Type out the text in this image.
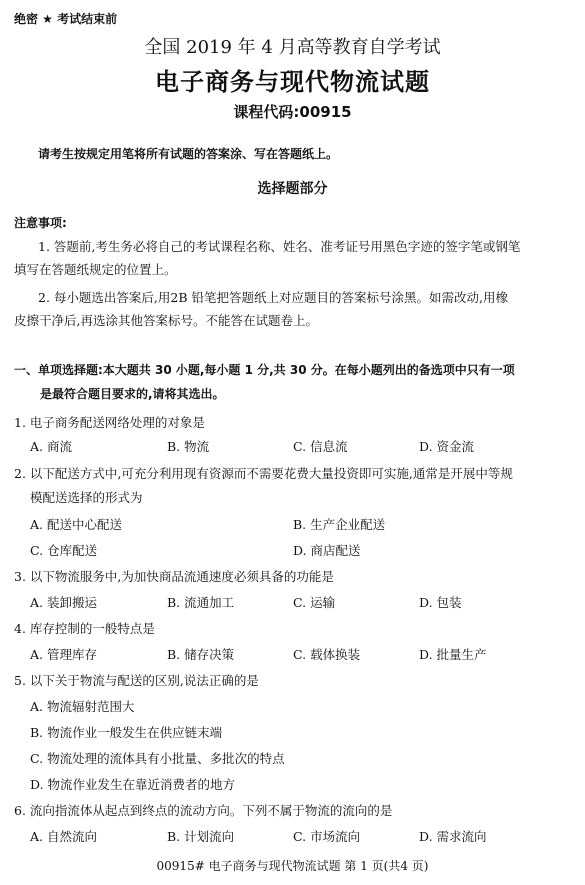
绝密 ★ 考试结束前
全国 2019 年 4 月高等教育自学考试
电子商务与现代物流试题
课程代码:00915
请考生按规定用笔将所有试题的答案涂、写在答题纸上。
选择题部分
注意事项:
1. 答题前,考生务必将自己的考试课程名称、姓名、准考证号用黑色字迹的签字笔或钢笔
填写在答题纸规定的位置上。
2. 每小题选出答案后,用2B 铅笔把答题纸上对应题目的答案标号涂黑。如需改动,用橡
皮擦干净后,再选涂其他答案标号。不能答在试题卷上。
一、单项选择题:本大题共 30 小题,每小题 1 分,共 30 分。在每小题列出的备选项中只有一项
是最符合题目要求的,请将其选出。
1. 电子商务配送网络处理的对象是
A. 商流	B. 物流	C. 信息流	D. 资金流
2. 以下配送方式中,可充分利用现有资源而不需要花费大量投资即可实施,通常是开展中等规
模配送选择的形式为
A. 配送中心配送	B. 生产企业配送
C. 仓库配送	D. 商店配送
3. 以下物流服务中,为加快商品流通速度必须具备的功能是
A. 装卸搬运	B. 流通加工	C. 运输	D. 包装
4. 库存控制的一般特点是
A. 管理库存	B. 储存决策	C. 载体换装	D. 批量生产
5. 以下关于物流与配送的区别,说法正确的是
A. 物流辐射范围大
B. 物流作业一般发生在供应链末端
C. 物流处理的流体具有小批量、多批次的特点
D. 物流作业发生在靠近消费者的地方
6. 流向指流体从起点到终点的流动方向。下列不属于物流的流向的是
A. 自然流向	B. 计划流向	C. 市场流向	D. 需求流向
00915# 电子商务与现代物流试题 第 1 页(共4 页)
